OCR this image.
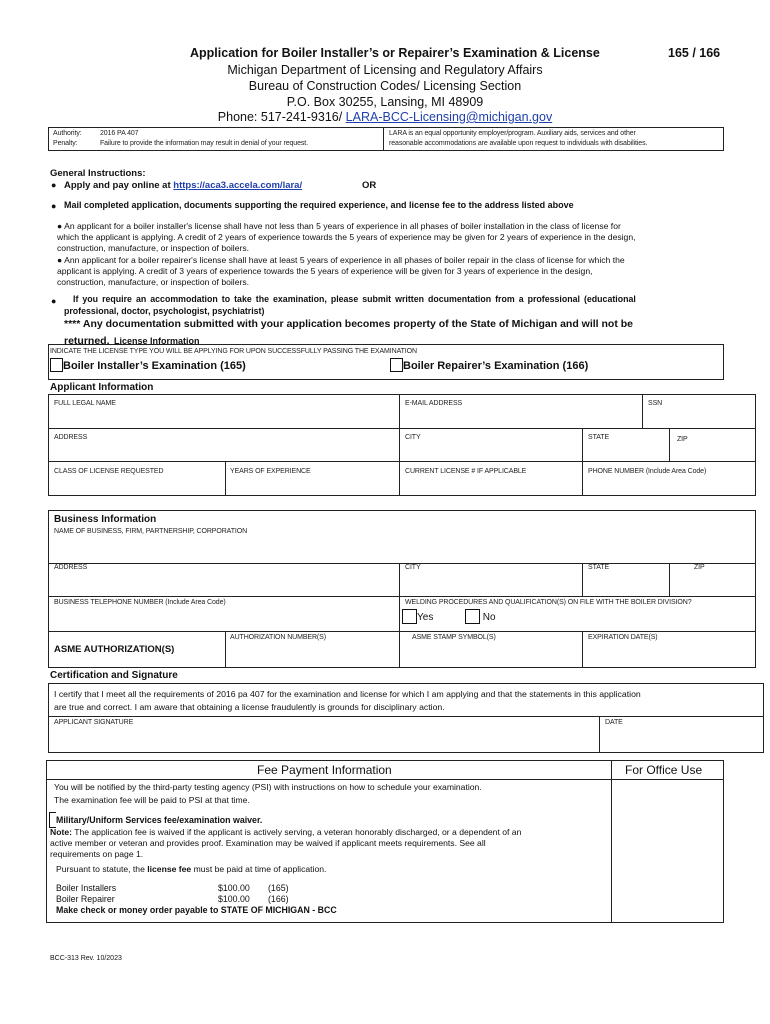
Application for Boiler Installer’s or Repairer’s Examination & License	165 / 166
Michigan Department of Licensing and Regulatory Affairs
Bureau of Construction Codes/ Licensing Section
P.O. Box 30255, Lansing, MI 48909
Phone: 517-241-9316/ LARA-BCC-Licensing@michigan.gov
Authority:	2016 PA 407
Penalty:	Failure to provide the information may result in denial of your request.
LARA is an equal opportunity employer/program. Auxiliary aids, services and other
reasonable accommodations are available upon request to individuals with disabilities.
General Instructions:
● Apply and pay online at https://aca3.accela.com/lara/	OR
● Mail completed application, documents supporting the required experience, and license fee to the address listed above
● An applicant for a boiler installer's license shall have not less than 5 years of experience in all phases of boiler installation in the class of license for
which the applicant is applying. A credit of 2 years of experience towards the 5 years of experience may be given for 2 years of experience in the design,
construction, manufacture, or inspection of boilers.
● Ann applicant for a boiler repairer's license shall have at least 5 years of experience in all phases of boiler repair in the class of license for which the
applicant is applying. A credit of 3 years of experience towards the 5 years of experience will be given for 3 years of experience in the design,
construction, manufacture, or inspection of boilers.
● If you require an accommodation to take the examination, please submit written documentation from a professional (educational
professional, doctor, psychologist, psychiatrist)
**** Any documentation submitted with your application becomes property of the State of Michigan and will not be
returned. License Information
INDICATE THE LICENSE TYPE YOU WILL BE APPLYING FOR UPON SUCCESSFULLY PASSING THE EXAMINATION
Boiler Installer’s Examination (165)	Boiler Repairer’s Examination (166)
Applicant Information
FULL LEGAL NAME	E-MAIL ADDRESS	SSN
ADDRESS	CITY	STATE	ZIP
CLASS OF LICENSE REQUESTED	YEARS OF EXPERIENCE	CURRENT LICENSE # IF APPLICABLE	PHONE NUMBER (Include Area Code)
Business Information
NAME OF BUSINESS, FIRM, PARTNERSHIP, CORPORATION
ADDRESS	CITY	STATE	ZIP
BUSINESS TELEPHONE NUMBER (Include Area Code)	WELDING PROCEDURES AND QUALIFICATION(S) ON FILE WITH THE BOILER DIVISION?
Yes	No
ASME AUTHORIZATION(S)
AUTHORIZATION NUMBER(S)	ASME STAMP SYMBOL(S)	EXPIRATION DATE(S)
Certification and Signature
I certify that I meet all the requirements of 2016 pa 407 for the examination and license for which I am applying and that the statements in this application
are true and correct. I am aware that obtaining a license fraudulently is grounds for disciplinary action.
APPLICANT SIGNATURE	DATE
Fee Payment Information	For Office Use
You will be notified by the third-party testing agency (PSI) with instructions on how to schedule your examination.
The examination fee will be paid to PSI at that time.
Military/Uniform Services fee/examination waiver.
Note: The application fee is waived if the applicant is actively serving, a veteran honorably discharged, or a dependent of an
active member or veteran and provides proof. Examination may be waived if applicant meets requirements. See all
requirements on page 1.
Pursuant to statute, the license fee must be paid at time of application.
Boiler Installers	$100.00 (165)
Boiler Repairer	$100.00 (166)
Make check or money order payable to STATE OF MICHIGAN - BCC
BCC-313 Rev. 10/2023
